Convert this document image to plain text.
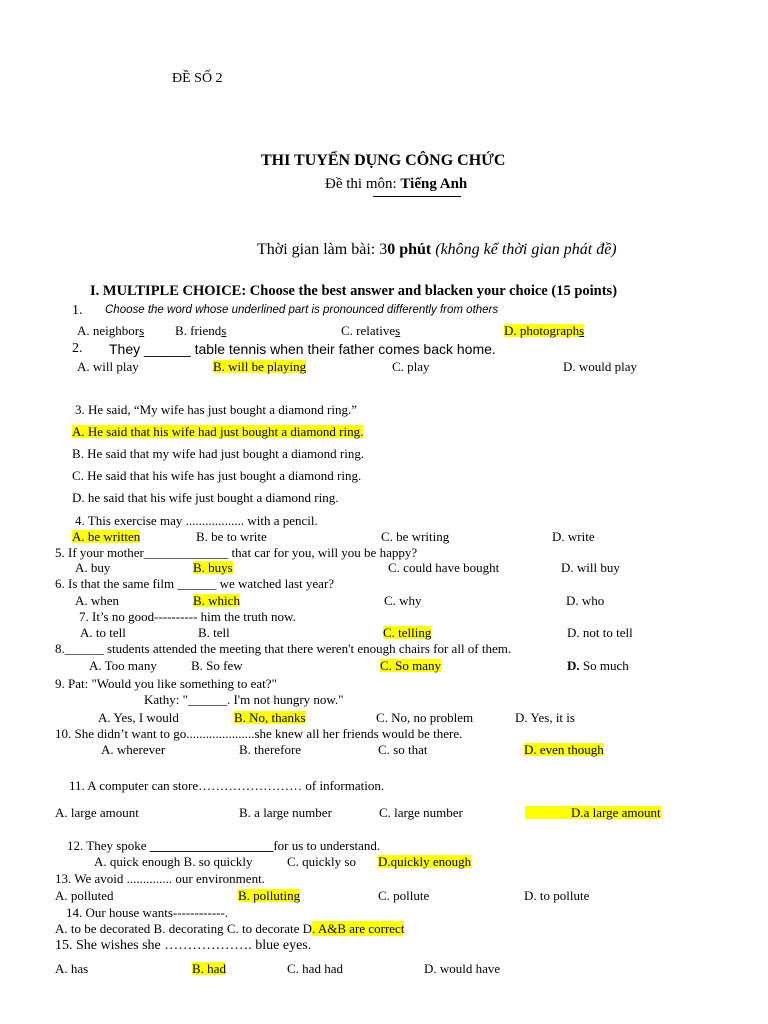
ĐỀ SỐ 2
THI TUYỂN DỤNG CÔNG CHỨC
Đề thi môn: Tiếng Anh
Thời gian làm bài: 30 phút (không kể thời gian phát đề)
I. MULTIPLE CHOICE: Choose the best answer and blacken your choice (15 points)
1. Choose the word whose underlined part is pronounced differently from others
A. neighbors B. friends	C. relatives	D. photographs
2. They ______ table tennis when their father comes back home.
A. will play	B. will be playing	C. play	D. would play
3. He said, “My wife has just bought a diamond ring.”
A. He said that his wife had just bought a diamond ring.
B. He said that my wife had just bought a diamond ring.
C. He said that his wife has just bought a diamond ring.
D. he said that his wife just bought a diamond ring.
4. This exercise may .................. with a pencil.
A. be written	B. be to write	C. be writing	D. write
5. If your mother_____________ that car for you, will you be happy?
A. buy	B. buys	C. could have bought	D. will buy
6. Is that the same film ______ we watched last year?
A. when	B. which	C. why	D. who
7. It’s no good---------- him the truth now.
A. to tell	B. tell	C. telling	D. not to tell
8.______ students attended the meeting that there weren't enough chairs for all of them.
A. Too many	B. So few	C. So many	D. So much
9. Pat: "Would you like something to eat?"
Kathy: "______. I'm not hungry now."
A. Yes, I would	B. No, thanks	C. No, no problem	D. Yes, it is
10. She didn’t want to go.....................she knew all her friends would be there.
A. wherever	B. therefore	C. so that	D. even though
11. A computer can store…………………… of information.
A. large amount	B. a large number	C. large number	D.a large amount
12. They spoke ___________________for us to understand.
A. quick enough B. so quickly	C. quickly so D.quickly enough
13. We avoid .............. our environment.
A. polluted	B. polluting	C. pollute	D. to pollute
14. Our house wants------------.
A. to be decorated B. decorating C. to decorate D. A&B are correct
15. She wishes she ………………. blue eyes.
A. has	B. had	C. had had	D. would have
